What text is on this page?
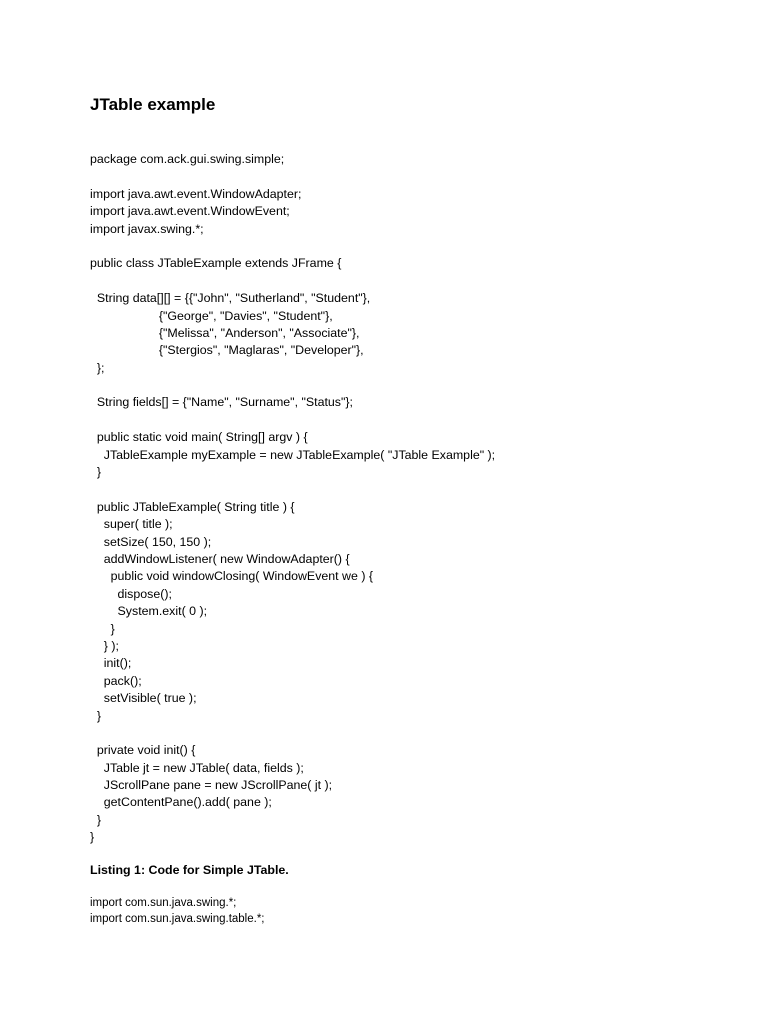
JTable example
package com.ack.gui.swing.simple;
import java.awt.event.WindowAdapter;
import java.awt.event.WindowEvent;
import javax.swing.*;
public class JTableExample extends JFrame {
String data[][] = {{"John", "Sutherland", "Student"},
{"George", "Davies", "Student"},
{"Melissa", "Anderson", "Associate"},
{"Stergios", "Maglaras", "Developer"},
};
String fields[] = {"Name", "Surname", "Status"};
public static void main( String[] argv ) {
JTableExample myExample = new JTableExample( "JTable Example" );
}
public JTableExample( String title ) {
super( title );
setSize( 150, 150 );
addWindowListener( new WindowAdapter() {
public void windowClosing( WindowEvent we ) {
dispose();
System.exit( 0 );
}
} );
init();
pack();
setVisible( true );
}
private void init() {
JTable jt = new JTable( data, fields );
JScrollPane pane = new JScrollPane( jt );
getContentPane().add( pane );
}
}
Listing 1: Code for Simple JTable.
import com.sun.java.swing.*;
import com.sun.java.swing.table.*;
